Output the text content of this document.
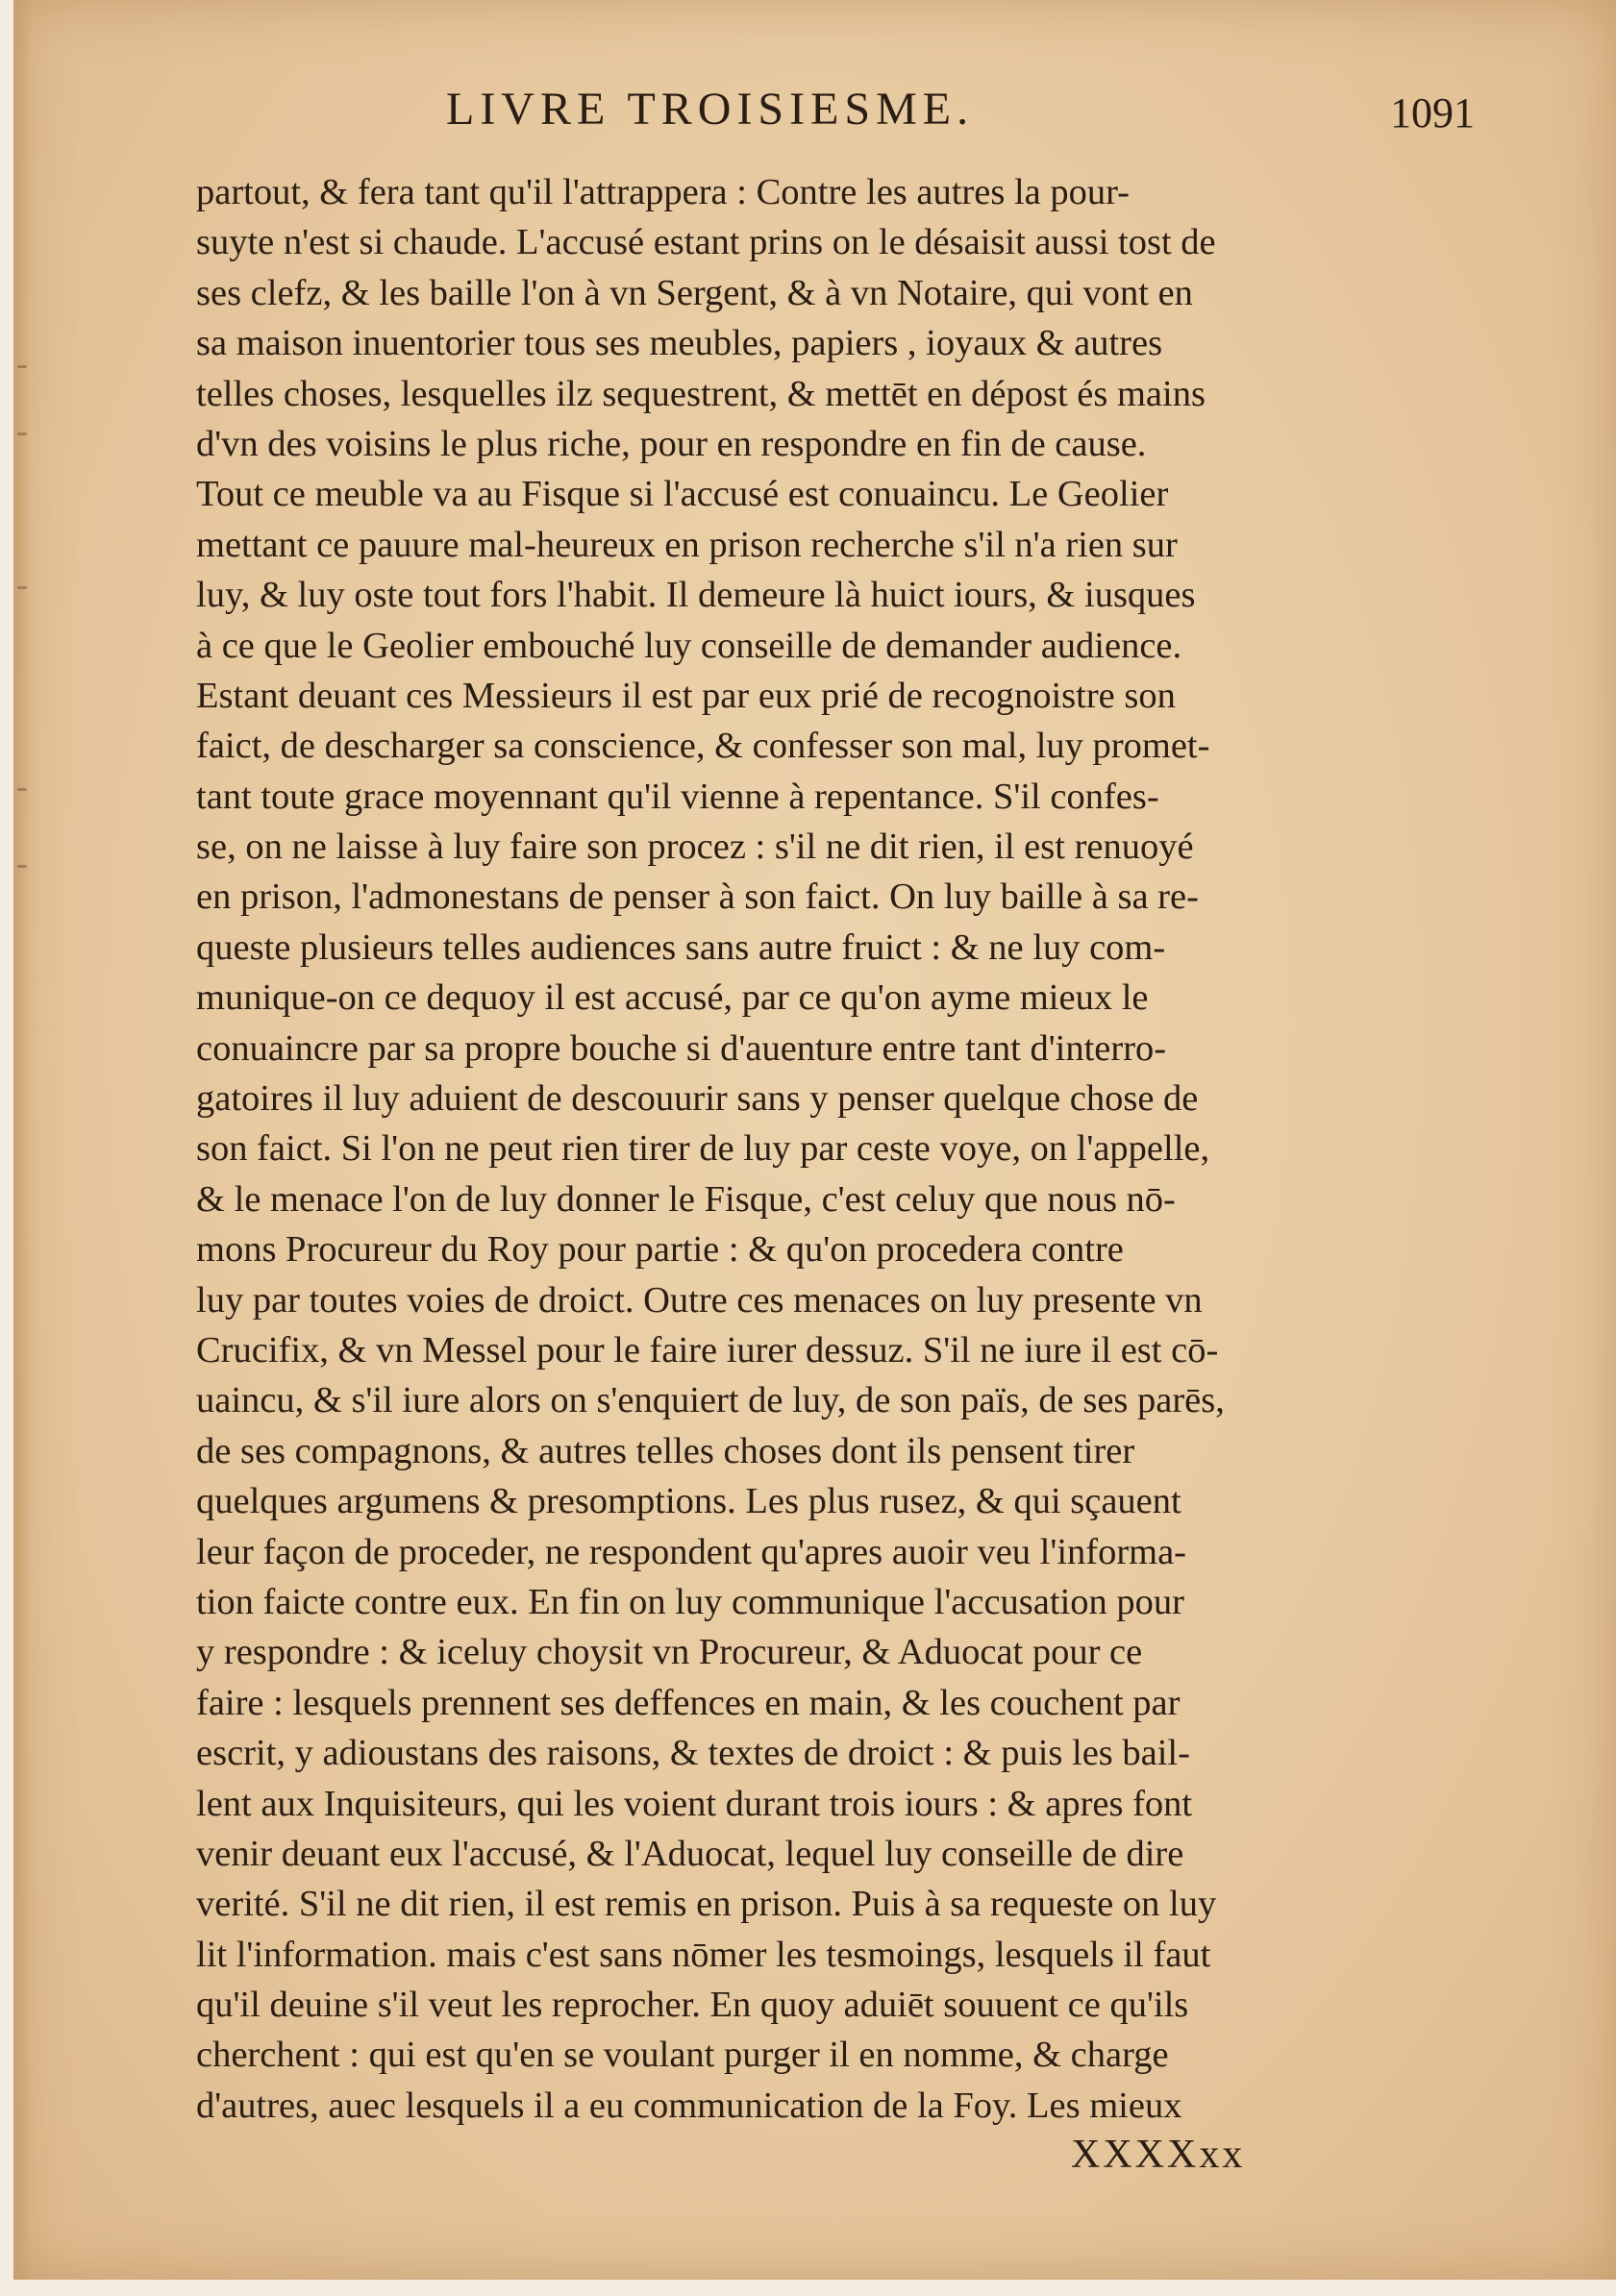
LIVRE TROISIESME.	1091
partout, & fera tant qu'il l'attrappera : Contre les autres la pour-
suyte n'est si chaude. L'accusé estant prins on le désaisit aussi tost de
ses clefz, & les baille l'on à vn Sergent, & à vn Notaire, qui vont en
sa maison inuentorier tous ses meubles, papiers , ioyaux & autres
telles choses, lesquelles ilz sequestrent, & mettēt en dépost és mains
d'vn des voisins le plus riche, pour en respondre en fin de cause.
Tout ce meuble va au Fisque si l'accusé est conuaincu. Le Geolier
mettant ce pauure mal-heureux en prison recherche s'il n'a rien sur
luy, & luy oste tout fors l'habit. Il demeure là huict iours, & iusques
à ce que le Geolier embouché luy conseille de demander audience.
Estant deuant ces Messieurs il est par eux prié de recognoistre son
faict, de descharger sa conscience, & confesser son mal, luy promet-
tant toute grace moyennant qu'il vienne à repentance. S'il confes-
se, on ne laisse à luy faire son procez : s'il ne dit rien, il est renuoyé
en prison, l'admonestans de penser à son faict. On luy baille à sa re-
queste plusieurs telles audiences sans autre fruict : & ne luy com-
munique-on ce dequoy il est accusé, par ce qu'on ayme mieux le
conuaincre par sa propre bouche si d'auenture entre tant d'interro-
gatoires il luy aduient de descouurir sans y penser quelque chose de
son faict. Si l'on ne peut rien tirer de luy par ceste voye, on l'appelle,
& le menace l'on de luy donner le Fisque, c'est celuy que nous nō-
mons Procureur du Roy pour partie : & qu'on procedera contre
luy par toutes voies de droict. Outre ces menaces on luy presente vn
Crucifix, & vn Messel pour le faire iurer dessuz. S'il ne iure il est cō-
uaincu, & s'il iure alors on s'enquiert de luy, de son païs, de ses parēs,
de ses compagnons, & autres telles choses dont ils pensent tirer
quelques argumens & presomptions. Les plus rusez, & qui sçauent
leur façon de proceder, ne respondent qu'apres auoir veu l'informa-
tion faicte contre eux. En fin on luy communique l'accusation pour
y respondre : & iceluy choysit vn Procureur, & Aduocat pour ce
faire : lesquels prennent ses deffences en main, & les couchent par
escrit, y adioustans des raisons, & textes de droict : & puis les bail-
lent aux Inquisiteurs, qui les voient durant trois iours : & apres font
venir deuant eux l'accusé, & l'Aduocat, lequel luy conseille de dire
verité. S'il ne dit rien, il est remis en prison. Puis à sa requeste on luy
lit l'information. mais c'est sans nōmer les tesmoings, lesquels il faut
qu'il deuine s'il veut les reprocher. En quoy aduiēt souuent ce qu'ils
cherchent : qui est qu'en se voulant purger il en nomme, & charge
d'autres, auec lesquels il a eu communication de la Foy. Les mieux
XXXXxx
